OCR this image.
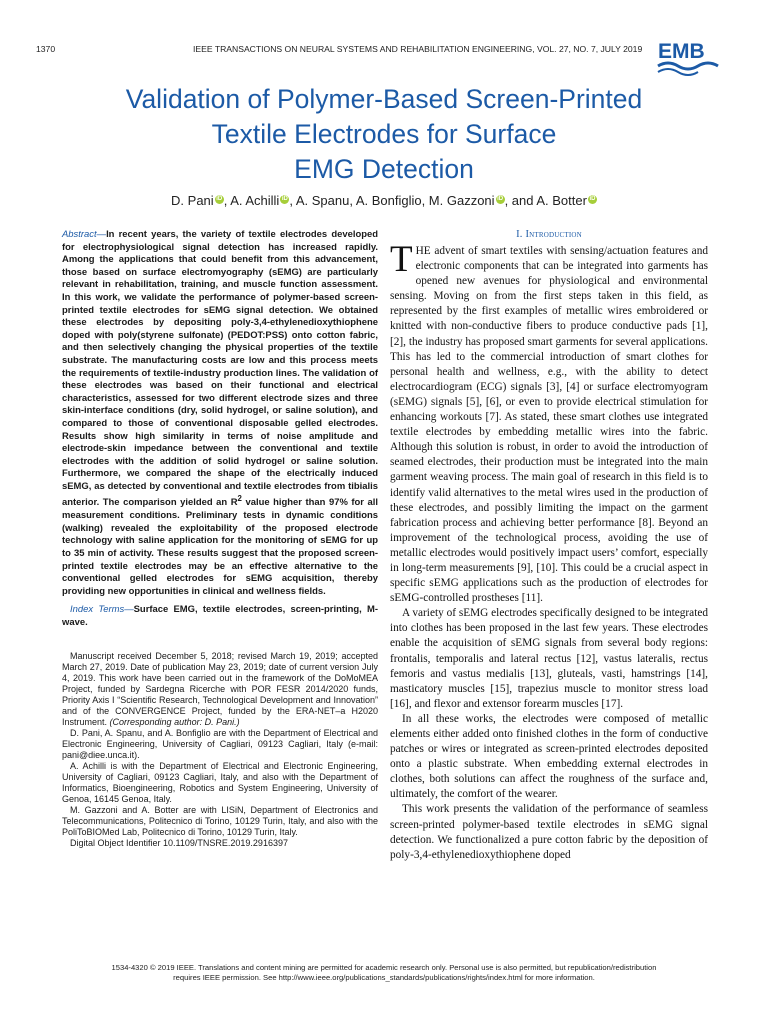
1370	IEEE TRANSACTIONS ON NEURAL SYSTEMS AND REHABILITATION ENGINEERING, VOL. 27, NO. 7, JULY 2019 EMB
Validation of Polymer-Based Screen-Printed
Textile Electrodes for Surface
EMG Detection
D. Pani iD , A. Achilli iD , A. Spanu, A. Bonfiglio, M. Gazzoni iD , and A. Botter iD

Abstract—In recent years, the variety of textile electrodes developed for electrophysiological signal detection has increased rapidly. Among the applications that could benefit from this advancement, those based on surface electromyography (sEMG) are particularly relevant in rehabilitation, training, and muscle function assessment. In this work, we validate the performance of polymer-based screen-printed textile electrodes for sEMG signal detection. We obtained these electrodes by depositing poly-3,4-ethylenedioxythiophene doped with poly(styrene sulfonate) (PEDOT:PSS) onto cotton fabric, and then selectively changing the physical properties of the textile substrate. The manufacturing costs are low and this process meets the requirements of textile-industry production lines. The validation of these electrodes was based on their functional and electrical characteristics, assessed for two different electrode sizes and three skin-interface conditions (dry, solid hydrogel, or saline solution), and compared to those of conventional disposable gelled electrodes. Results show high similarity in terms of noise amplitude and electrode-skin impedance between the conventional and textile electrodes with the addition of solid hydrogel or saline solution. Furthermore, we compared the shape of the electrically induced sEMG, as detected by conventional and textile electrodes from tibialis anterior. The comparison yielded an $R^2$ value higher than 97% for all measurement conditions. Preliminary tests in dynamic conditions (walking) revealed the exploitability of the proposed electrode technology with saline application for the monitoring of sEMG for up to 35 min of activity. These results suggest that the proposed screen-printed textile electrodes may be an effective alternative to the conventional gelled electrodes for sEMG acquisition, thereby providing new opportunities in clinical and wellness fields.

Index Terms—Surface EMG, textile electrodes, screen-printing, M-wave.

Manuscript received December 5, 2018; revised March 19, 2019; accepted March 27, 2019. Date of publication May 23, 2019; date of current version July 4, 2019. This work have been carried out in the framework of the DoMoMEA Project, funded by Sardegna Ricerche with POR FESR 2014/2020 funds, Priority Axis I “Scientific Research, Technological Development and Innovation” and of the CONVERGENCE Project, funded by the ERA-NET–a H2020 Instrument. (Corresponding author: D. Pani.)

D. Pani, A. Spanu, and A. Bonfiglio are with the Department of Electrical and Electronic Engineering, University of Cagliari, 09123 Cagliari, Italy (e-mail: pani@diee.unca.it).

A. Achilli is with the Department of Electrical and Electronic Engineering, University of Cagliari, 09123 Cagliari, Italy, and also with the Department of Informatics, Bioengineering, Robotics and System Engineering, University of Genoa, 16145 Genoa, Italy.

M. Gazzoni and A. Botter are with LISiN, Department of Electronics and Telecommunications, Politecnico di Torino, 10129 Turin, Italy, and also with the PoliToBIOMed Lab, Politecnico di Torino, 10129 Turin, Italy.

Digital Object Identifier 10.1109/TNSRE.2019.2916397

I. Introduction

THE advent of smart textiles with sensing/actuation features and electronic components that can be integrated into garments has opened new avenues for physiological and environmental sensing. Moving on from the first steps taken in this field, as represented by the first examples of metallic wires embroidered or knitted with non-conductive fibers to produce conductive pads [1], [2], the industry has proposed smart garments for several applications. This has led to the commercial introduction of smart clothes for personal health and wellness, e.g., with the ability to detect electrocardiogram (ECG) signals [3], [4] or surface electromyogram (sEMG) signals [5], [6], or even to provide electrical stimulation for enhancing workouts [7]. As stated, these smart clothes use integrated textile electrodes by embedding metallic wires into the fabric. Although this solution is robust, in order to avoid the introduction of seamed electrodes, their production must be integrated into the main garment weaving process. The main goal of research in this field is to identify valid alternatives to the metal wires used in the production of these electrodes, and possibly limiting the impact on the garment fabrication process and achieving better performance [8]. Beyond an improvement of the technological process, avoiding the use of metallic electrodes would positively impact users’ comfort, especially in long-term measurements [9], [10]. This could be a crucial aspect in specific sEMG applications such as the production of electrodes for sEMG-controlled prostheses [11].

A variety of sEMG electrodes specifically designed to be integrated into clothes has been proposed in the last few years. These electrodes enable the acquisition of sEMG signals from several body regions: frontalis, temporalis and lateral rectus [12], vastus lateralis, rectus femoris and vastus medialis [13], gluteals, vasti, hamstrings [14], masticatory muscles [15], trapezius muscle to monitor stress load [16], and flexor and extensor forearm muscles [17].

In all these works, the electrodes were composed of metallic elements either added onto finished clothes in the form of conductive patches or wires or integrated as screen-printed electrodes deposited onto a plastic substrate. When embedding external electrodes in clothes, both solutions can affect the roughness of the surface and, ultimately, the comfort of the wearer.

This work presents the validation of the performance of seamless screen-printed polymer-based textile electrodes in sEMG signal detection. We functionalized a pure cotton fabric by the deposition of poly-3,4-ethylenedioxythiophene doped

1534-4320 © 2019 IEEE. Translations and content mining are permitted for academic research only. Personal use is also permitted, but republication/redistribution
requires IEEE permission. See http://www.ieee.org/publications_standards/publications/rights/index.html for more information.
